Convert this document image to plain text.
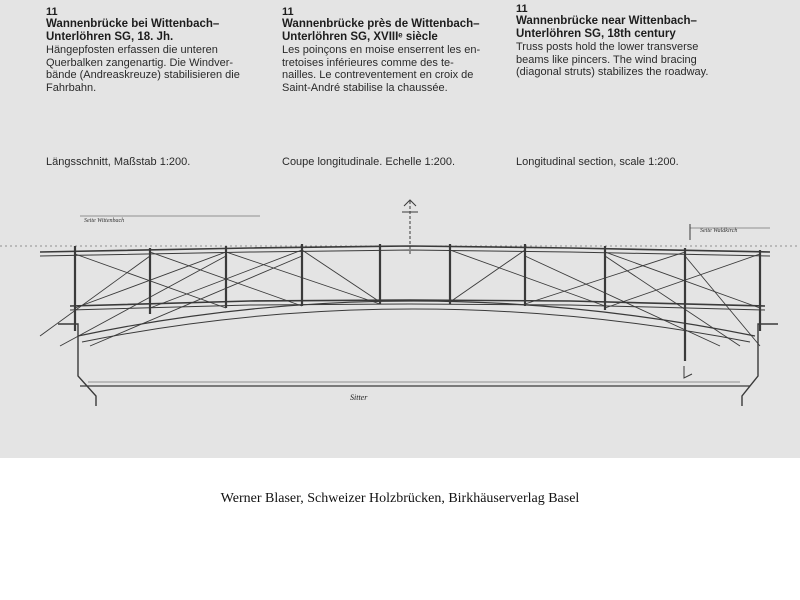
11
Wannenbrücke bei Wittenbach–
Unterlöhren SG, 18. Jh.
Hängepfosten erfassen die unteren
Querbalken zangenartig. Die Windver-
bände (Andreaskreuze) stabilisieren die
Fahrbahn.
11
Wannenbrücke près de Wittenbach–
Unterlöhren SG, XVIIIᵉ siècle
Les poinçons en moise enserrent les en-
tretoises inférieures comme des te-
nailles. Le contreventement en croix de
Saint-André stabilise la chaussée.
11
Wannenbrücke near Wittenbach–
Unterlöhren SG, 18th century
Truss posts hold the lower transverse
beams like pincers. The wind bracing
(diagonal struts) stabilizes the roadway.
Längsschnitt, Maßstab 1:200.	Coupe longitudinale. Echelle 1:200.	Longitudinal section, scale 1:200.
Seite Wittenbach
Seite Waldkirch
Sitter
Werner Blaser, Schweizer Holzbrücken, Birkhäuserverlag Basel
